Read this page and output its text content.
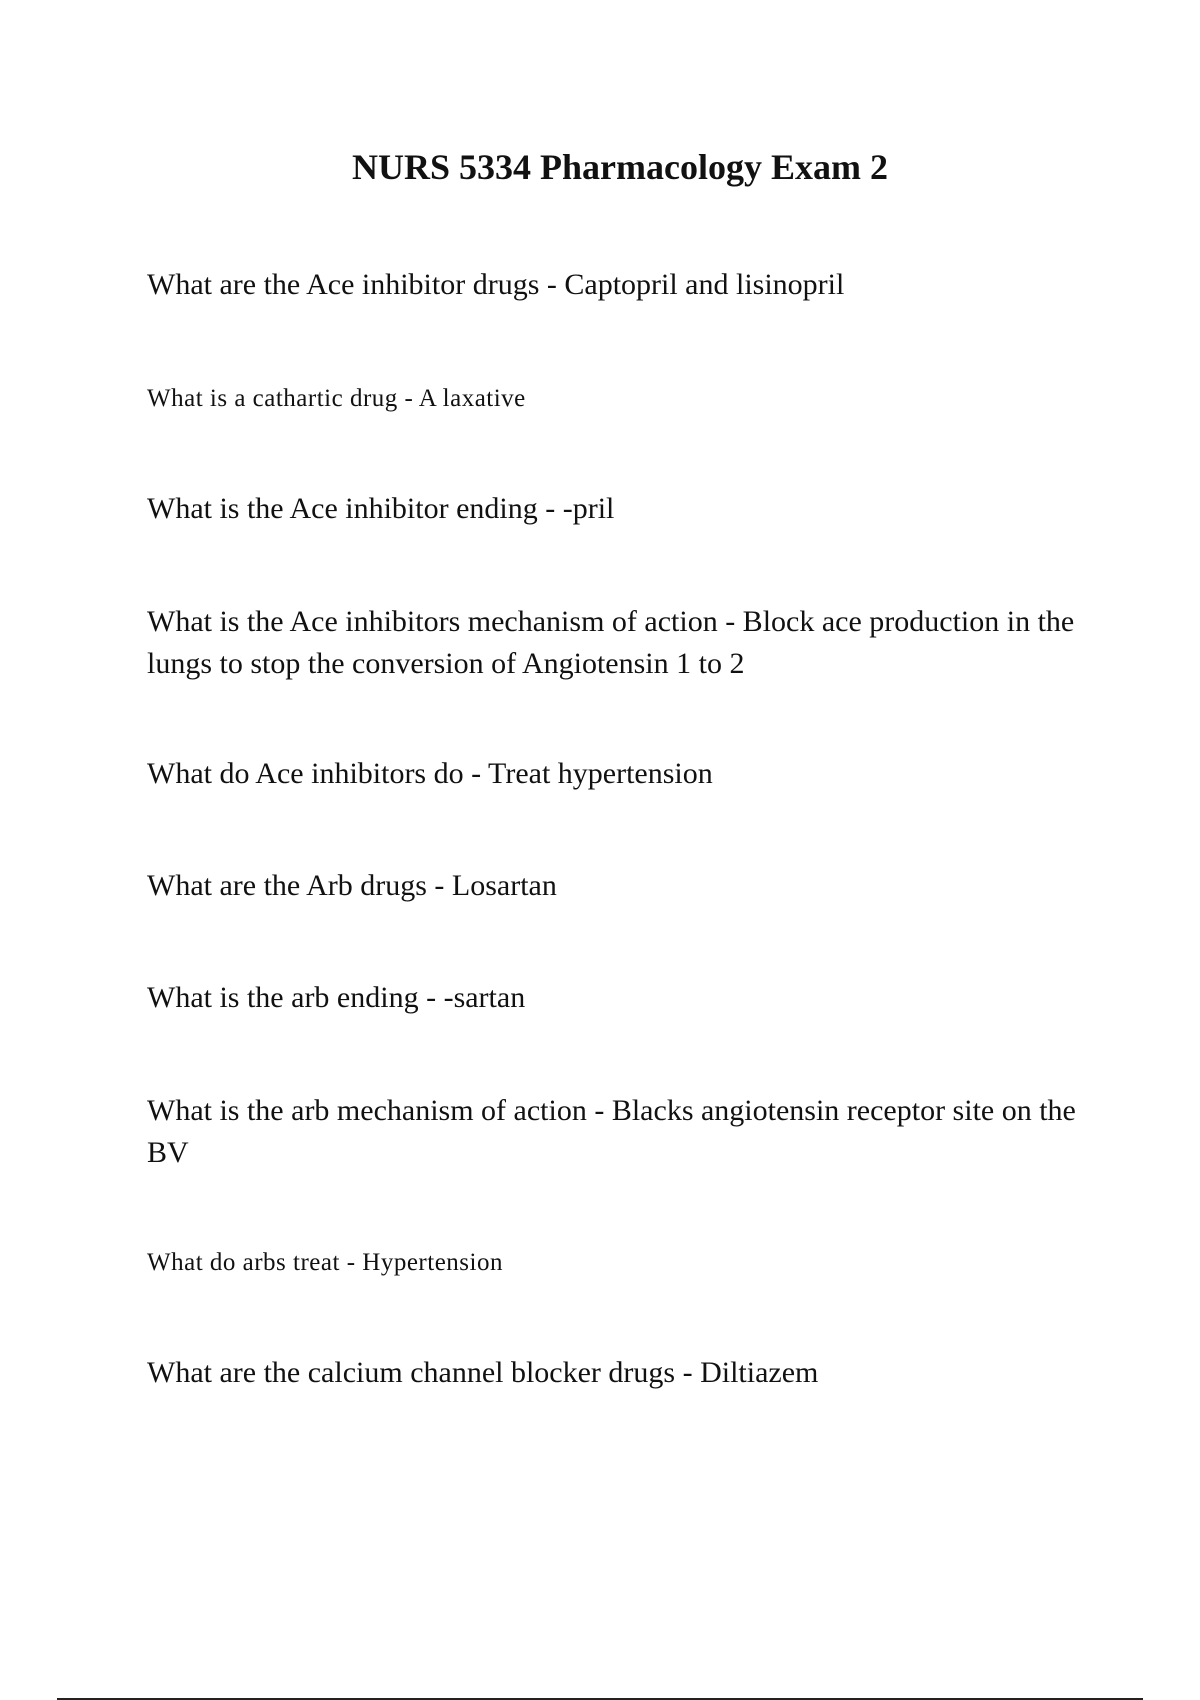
NURS 5334 Pharmacology Exam 2

What are the Ace inhibitor drugs - Captopril and lisinopril

What is a cathartic drug - A laxative

What is the Ace inhibitor ending - -pril

What is the Ace inhibitors mechanism of action - Block ace production in the lungs to stop the conversion of Angiotensin 1 to 2

What do Ace inhibitors do - Treat hypertension

What are the Arb drugs - Losartan

What is the arb ending - -sartan

What is the arb mechanism of action - Blacks angiotensin receptor site on the BV

What do arbs treat - Hypertension

What are the calcium channel blocker drugs - Diltiazem
